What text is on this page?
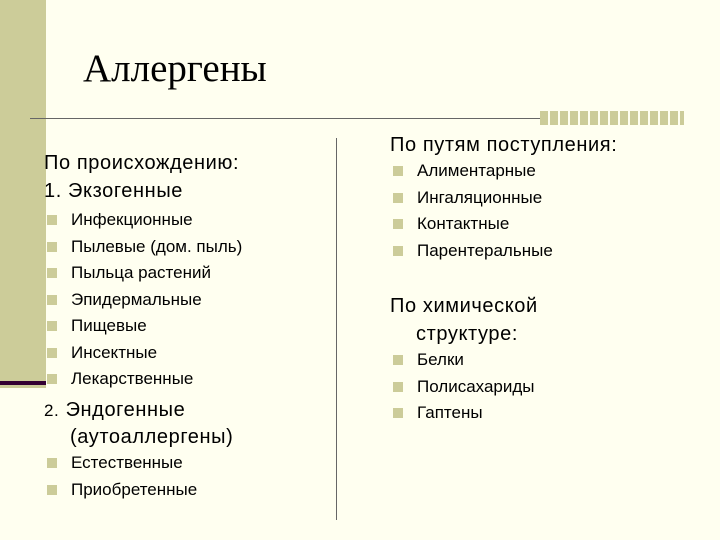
Аллергены
По происхождению:
1. Экзогенные
Инфекционные
Пылевые (дом. пыль)
Пыльца растений
Эпидермальные
Пищевые
Инсектные
Лекарственные
2. Эндогенные
(аутоаллергены)
Естественные
Приобретенные
По путям поступления:
Алиментарные
Ингаляционные
Контактные
Парентеральные
По химической
структуре:
Белки
Полисахариды
Гаптены
